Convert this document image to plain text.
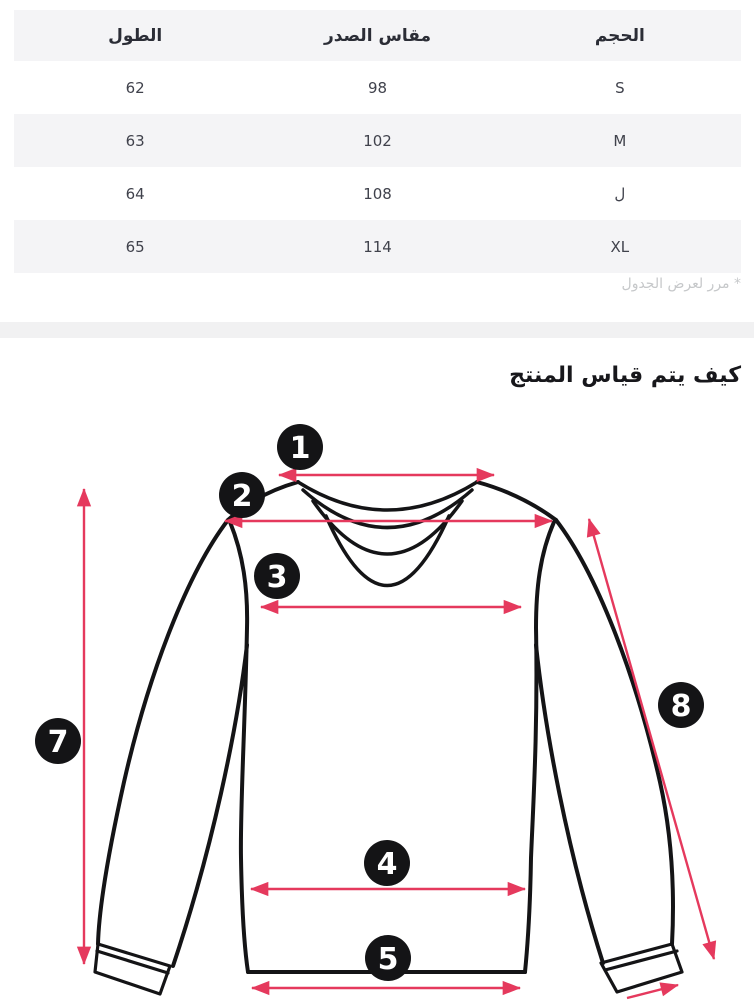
الحجم	مقاس الصدر	الطول
S	98	62
M	102	63
ل	108	64
XL	114	65
* مرر لعرض الجدول
كيف يتم قياس المنتج
1
2
3
4
5
7
8
